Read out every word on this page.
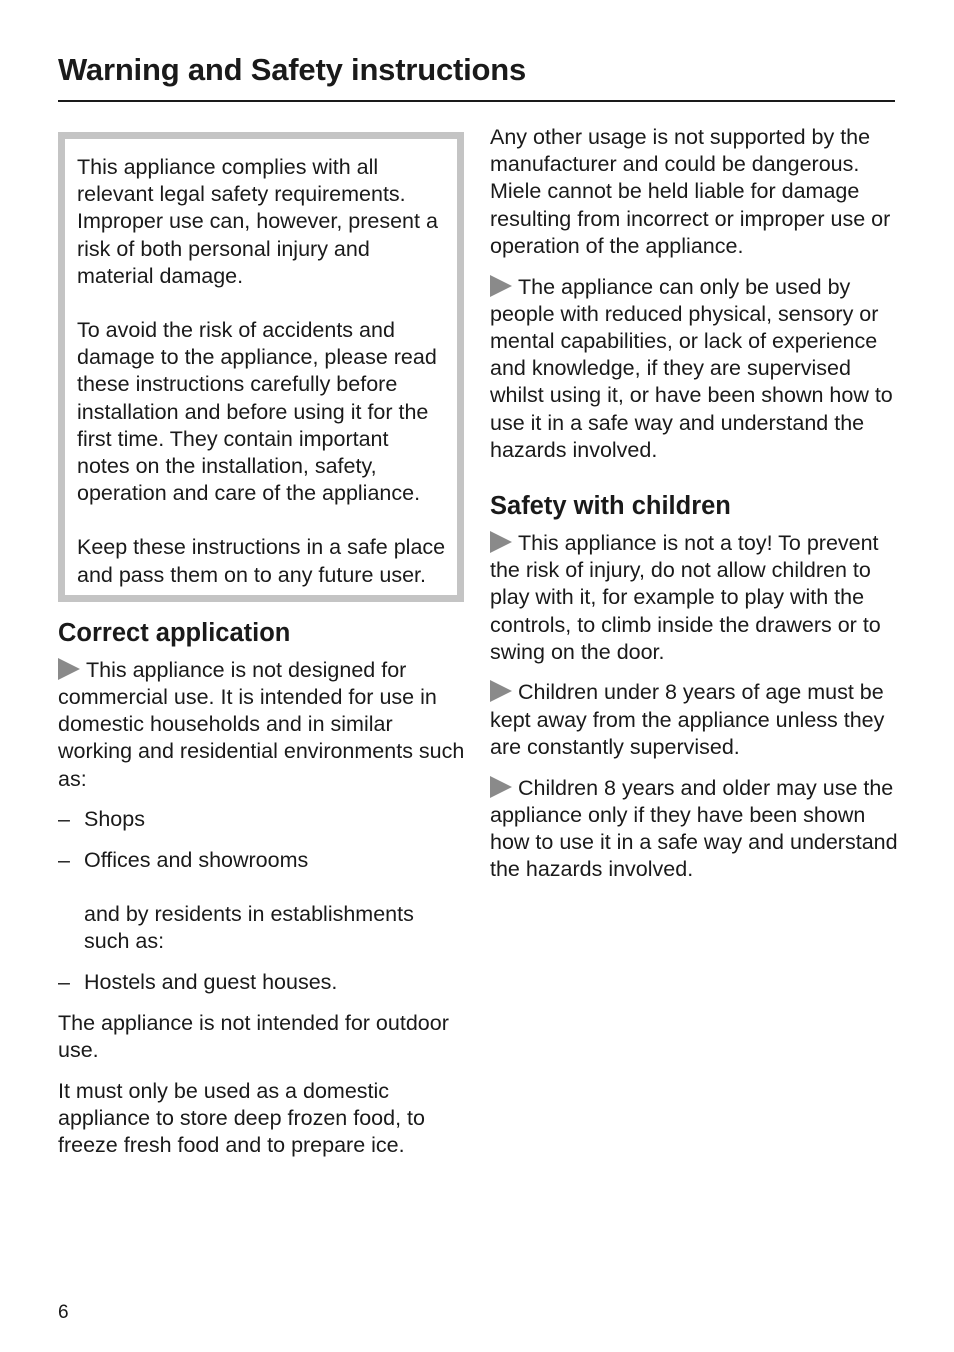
Warning and Safety instructions

This appliance complies with all relevant legal safety requirements. Improper use can, however, present a risk of both personal injury and material damage.

To avoid the risk of accidents and damage to the appliance, please read these instructions carefully before installation and before using it for the first time. They contain important notes on the installation, safety, operation and care of the appliance.

Keep these instructions in a safe place and pass them on to any future user.

Correct application

This appliance is not designed for commercial use. It is intended for use in domestic households and in similar working and residential environments such as:

– Shops
– Offices and showrooms

and by residents in establishments such as:

– Hostels and guest houses.

The appliance is not intended for outdoor use.

It must only be used as a domestic appliance to store deep frozen food, to freeze fresh food and to prepare ice.

Any other usage is not supported by the manufacturer and could be dangerous. Miele cannot be held liable for damage resulting from incorrect or improper use or operation of the appliance.

The appliance can only be used by people with reduced physical, sensory or mental capabilities, or lack of experience and knowledge, if they are supervised whilst using it, or have been shown how to use it in a safe way and understand the hazards involved.

Safety with children

This appliance is not a toy! To prevent the risk of injury, do not allow children to play with it, for example to play with the controls, to climb inside the drawers or to swing on the door.

Children under 8 years of age must be kept away from the appliance unless they are constantly supervised.

Children 8 years and older may use the appliance only if they have been shown how to use it in a safe way and understand the hazards involved.

6
